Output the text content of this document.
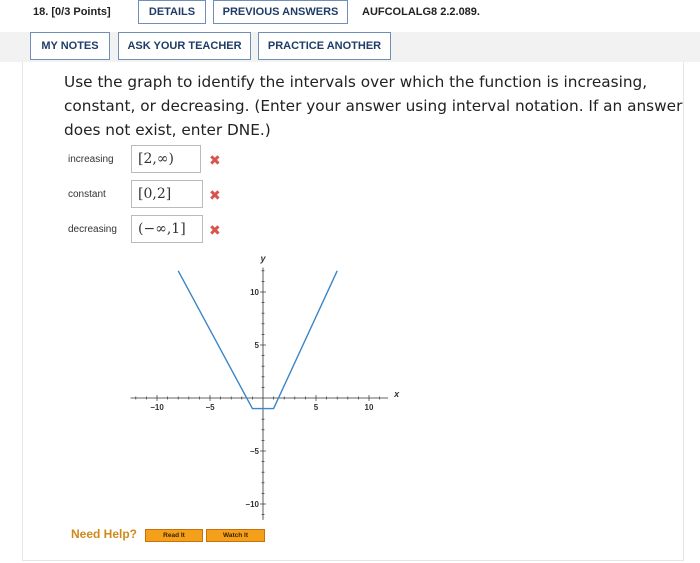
18. [0/3 Points]	DETAILS	PREVIOUS ANSWERS	AUFCOLALG8 2.2.089.
MY NOTES	ASK YOUR TEACHER	PRACTICE ANOTHER
Use the graph to identify the intervals over which the function is increasing, constant, or decreasing. (Enter your answer using interval notation. If an answer does not exist, enter DNE.)
increasing	[2,∞)	✖
constant	[0,2]	✖
decreasing	(−∞,1]	✖
−10	−5	5	10
10
5
−5
−10
x
y
Need Help?	Read It	Watch It
